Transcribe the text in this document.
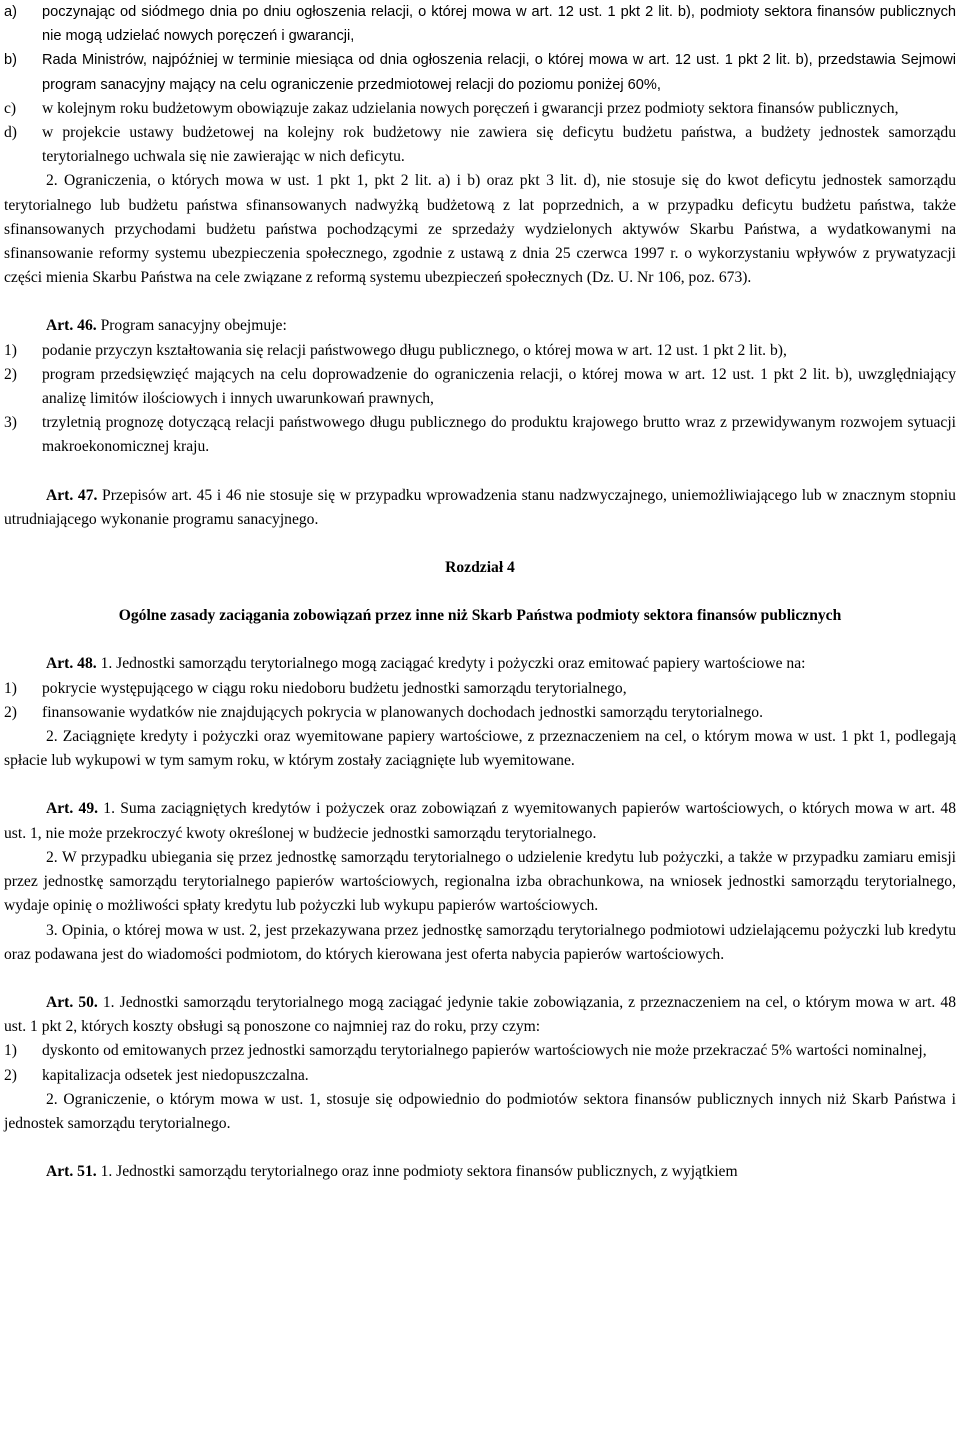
a)	poczynając od siódmego dnia po dniu ogłoszenia relacji, o której mowa w art. 12 ust. 1 pkt 2 lit. b), podmioty sektora finansów publicznych nie mogą udzielać nowych poręczeń i gwarancji,
b)	Rada Ministrów, najpóźniej w terminie miesiąca od dnia ogłoszenia relacji, o której mowa w art. 12 ust. 1 pkt 2 lit. b), przedstawia Sejmowi program sanacyjny mający na celu ograniczenie przedmiotowej relacji do poziomu poniżej 60%,
c)	w kolejnym roku budżetowym obowiązuje zakaz udzielania nowych poręczeń i gwarancji przez podmioty sektora finansów publicznych,
d)	w projekcie ustawy budżetowej na kolejny rok budżetowy nie zawiera się deficytu budżetu państwa, a budżety jednostek samorządu terytorialnego uchwala się nie zawierając w nich deficytu.

2. Ograniczenia, o których mowa w ust. 1 pkt 1, pkt 2 lit. a) i b) oraz pkt 3 lit. d), nie stosuje się do kwot deficytu jednostek samorządu terytorialnego lub budżetu państwa sfinansowanych nadwyżką budżetową z lat poprzednich, a w przypadku deficytu budżetu państwa, także sfinansowanych przychodami budżetu państwa pochodzącymi ze sprzedaży wydzielonych aktywów Skarbu Państwa, a wydatkowanymi na sfinansowanie reformy systemu ubezpieczenia społecznego, zgodnie z ustawą z dnia 25 czerwca 1997 r. o wykorzystaniu wpływów z prywatyzacji części mienia Skarbu Państwa na cele związane z reformą systemu ubezpieczeń społecznych (Dz. U. Nr 106, poz. 673).

Art. 46. Program sanacyjny obejmuje:

1)	podanie przyczyn kształtowania się relacji państwowego długu publicznego, o której mowa w art. 12 ust. 1 pkt 2 lit. b),
2)	program przedsięwzięć mających na celu doprowadzenie do ograniczenia relacji, o której mowa w art. 12 ust. 1 pkt 2 lit. b), uwzględniający analizę limitów ilościowych i innych uwarunkowań prawnych,
3)	trzyletnią prognozę dotyczącą relacji państwowego długu publicznego do produktu krajowego brutto wraz z przewidywanym rozwojem sytuacji makroekonomicznej kraju.

Art. 47. Przepisów art. 45 i 46 nie stosuje się w przypadku wprowadzenia stanu nadzwyczajnego, uniemożliwiającego lub w znacznym stopniu utrudniającego wykonanie programu sanacyjnego.

Rozdział 4

Ogólne zasady zaciągania zobowiązań przez inne niż Skarb Państwa podmioty sektora finansów publicznych

Art. 48. 1. Jednostki samorządu terytorialnego mogą zaciągać kredyty i pożyczki oraz emitować papiery wartościowe na:

1)	pokrycie występującego w ciągu roku niedoboru budżetu jednostki samorządu terytorialnego,
2)	finansowanie wydatków nie znajdujących pokrycia w planowanych dochodach jednostki samorządu terytorialnego.

2. Zaciągnięte kredyty i pożyczki oraz wyemitowane papiery wartościowe, z przeznaczeniem na cel, o którym mowa w ust. 1 pkt 1, podlegają spłacie lub wykupowi w tym samym roku, w którym zostały zaciągnięte lub wyemitowane.

Art. 49. 1. Suma zaciągniętych kredytów i pożyczek oraz zobowiązań z wyemitowanych papierów wartościowych, o których mowa w art. 48 ust. 1, nie może przekroczyć kwoty określonej w budżecie jednostki samorządu terytorialnego.

2. W przypadku ubiegania się przez jednostkę samorządu terytorialnego o udzielenie kredytu lub pożyczki, a także w przypadku zamiaru emisji przez jednostkę samorządu terytorialnego papierów wartościowych, regionalna izba obrachunkowa, na wniosek jednostki samorządu terytorialnego, wydaje opinię o możliwości spłaty kredytu lub pożyczki lub wykupu papierów wartościowych.

3. Opinia, o której mowa w ust. 2, jest przekazywana przez jednostkę samorządu terytorialnego podmiotowi udzielającemu pożyczki lub kredytu oraz podawana jest do wiadomości podmiotom, do których kierowana jest oferta nabycia papierów wartościowych.

Art. 50. 1. Jednostki samorządu terytorialnego mogą zaciągać jedynie takie zobowiązania, z przeznaczeniem na cel, o którym mowa w art. 48 ust. 1 pkt 2, których koszty obsługi są ponoszone co najmniej raz do roku, przy czym:

1)	dyskonto od emitowanych przez jednostki samorządu terytorialnego papierów wartościowych nie może przekraczać 5% wartości nominalnej,
2)	kapitalizacja odsetek jest niedopuszczalna.

2. Ograniczenie, o którym mowa w ust. 1, stosuje się odpowiednio do podmiotów sektora finansów publicznych innych niż Skarb Państwa i jednostek samorządu terytorialnego.

Art. 51. 1. Jednostki samorządu terytorialnego oraz inne podmioty sektora finansów publicznych, z wyjątkiem
